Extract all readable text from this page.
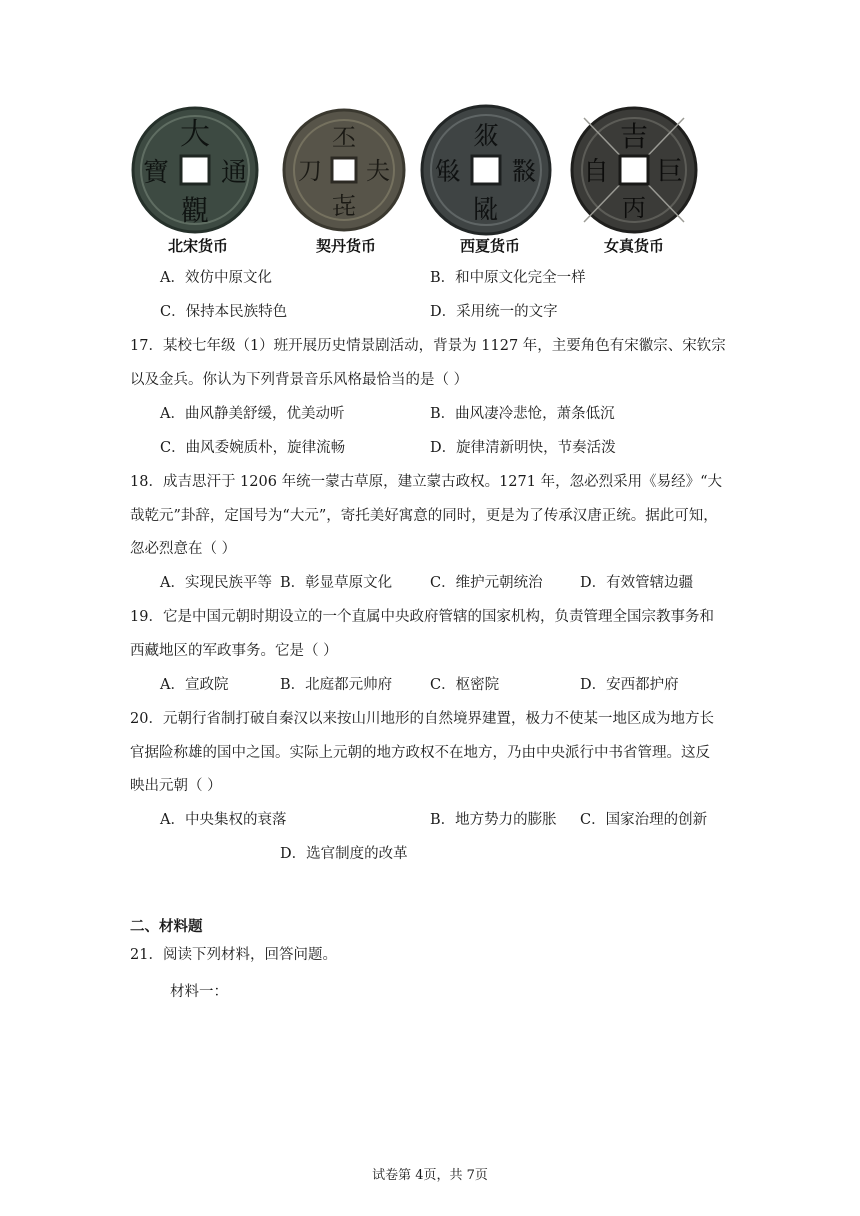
大
通
觀
寶
北宋货币
丕
夫
㐂
刀
契丹货币
𗼇
𘜶
𗎫
𘓐
西夏货币
吉
巨
丙
自
女真货币
A．效仿中原文化	B．和中原文化完全一样
C．保持本民族特色	D．采用统一的文字
17．某校七年级（1）班开展历史情景剧活动，背景为 1127 年，主要角色有宋徽宗、宋钦宗
以及金兵。你认为下列背景音乐风格最恰当的是（ ）
A．曲风静美舒缓，优美动听	B．曲风凄冷悲怆，萧条低沉
C．曲风委婉质朴，旋律流畅	D．旋律清新明快，节奏活泼
18．成吉思汗于 1206 年统一蒙古草原，建立蒙古政权。1271 年，忽必烈采用《易经》“大
哉乾元”卦辞，定国号为“大元”，寄托美好寓意的同时，更是为了传承汉唐正统。据此可知，
忽必烈意在（ ）
A．实现民族平等 B．彰显草原文化	C．维护元朝统治	D．有效管辖边疆
19．它是中国元朝时期设立的一个直属中央政府管辖的国家机构，负责管理全国宗教事务和
西藏地区的军政事务。它是（ ）
A．宣政院	B．北庭都元帅府	C．枢密院	D．安西都护府
20．元朝行省制打破自秦汉以来按山川地形的自然境界建置，极力不使某一地区成为地方长
官据险称雄的国中之国。实际上元朝的地方政权不在地方，乃由中央派行中书省管理。这反
映出元朝（ ）
A．中央集权的衰落	B．地方势力的膨胀 C．国家治理的创新
D．选官制度的改革
二、材料题
21．阅读下列材料，回答问题。
材料一：
试卷第 4页，共 7页
